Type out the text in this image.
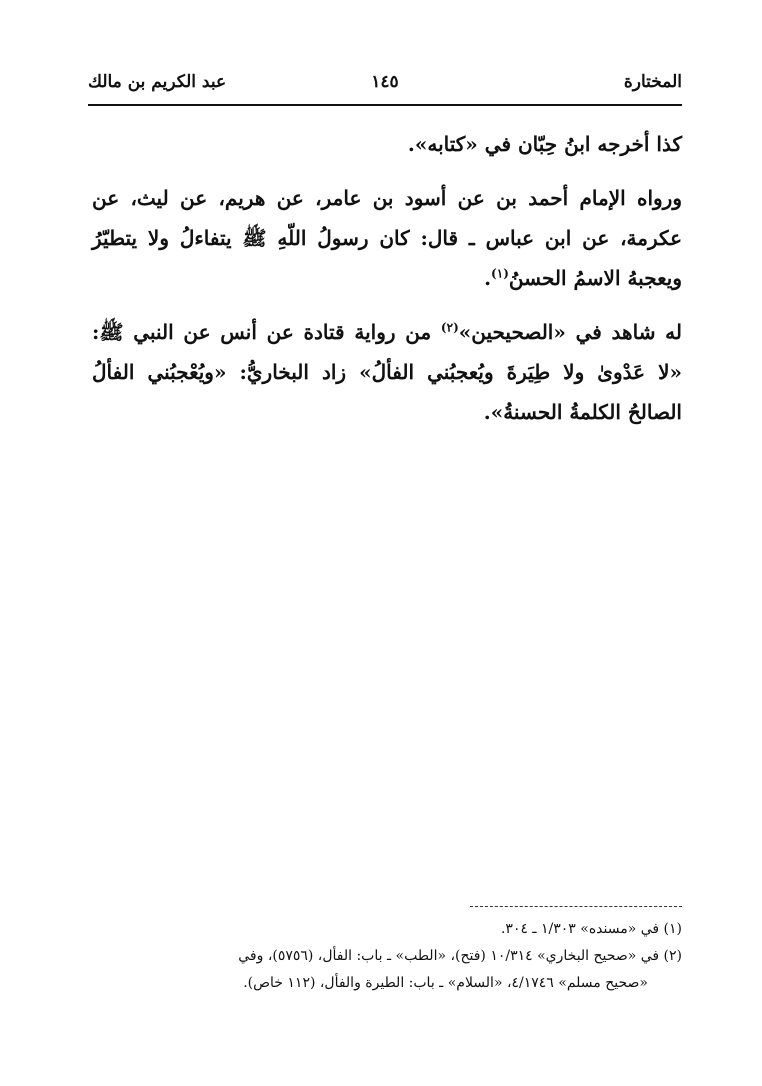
المختارة
١٤٥
عبد الكريم بن مالك

كذا أخرجه ابنُ حِبّان في «كتابه».

ورواه الإمام أحمد بن عن أسود بن عامر، عن هريم، عن ليث، عن عكرمة، عن ابن عباس ـ قال: كان رسولُ اللّهِ ﷺ يتفاءلُ ولا يتطيّرُ ويعجبهُ الاسمُ الحسنُ$^{(١)}$.

له شاهد في «الصحيحين»$^{(٢)}$ من رواية قتادة عن أنس عن النبي ﷺ: «لا عَدْوىٰ ولا طِيَرةَ ويُعجبُني الفألُ» زاد البخاريُّ: «ويُعْجبُني الفألُ الصالحُ الكلمةُ الحسنةُ».

(١) في «مسنده» ١/٣٠٣ ـ ٣٠٤.

(٢) في «صحيح البخاري» ١٠/٣١٤ (فتح)، «الطب» ـ باب: الفأل، (٥٧٥٦)، وفي

«صحيح مسلم» ٤/١٧٤٦، «السلام» ـ باب: الطيرة والفأل، (١١٢ خاص).
